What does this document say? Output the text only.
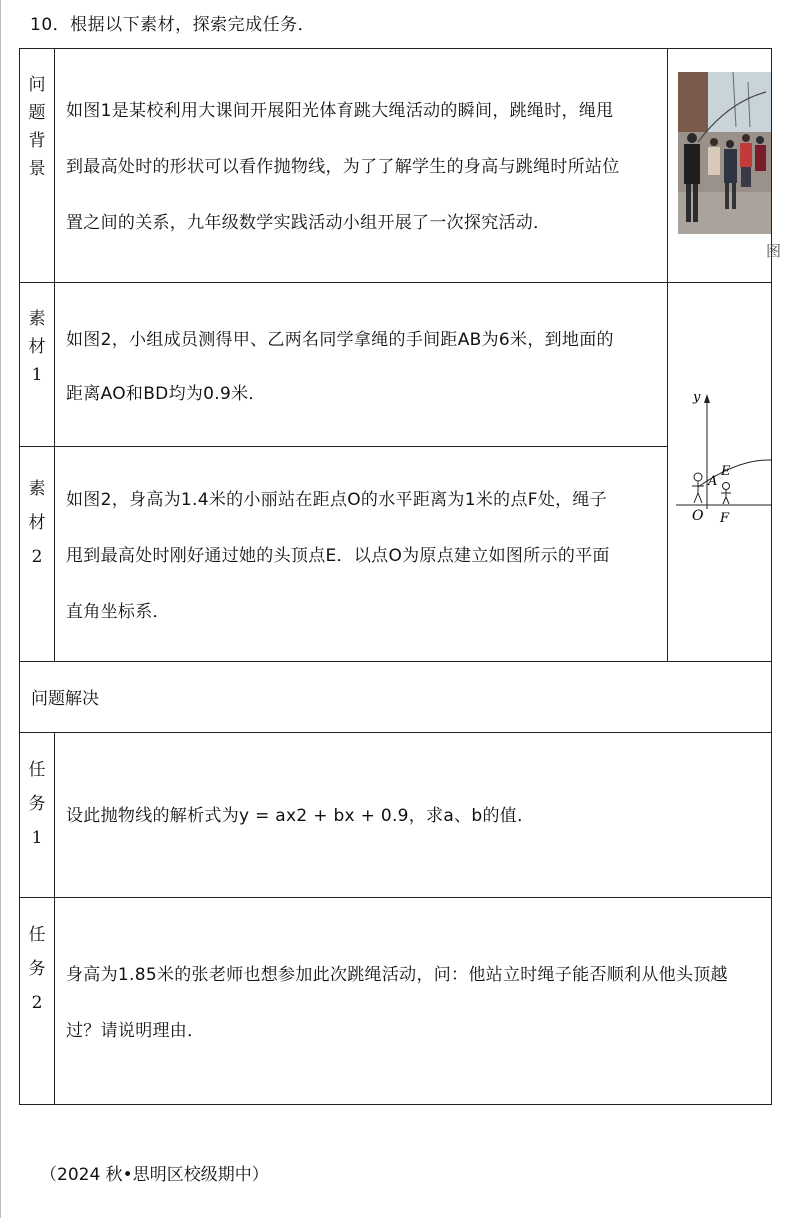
10．根据以下素材，探索完成任务．
问
题
背
景
如图1是某校利用大课间开展阳光体育跳大绳活动的瞬间，跳绳时，绳甩
到最高处时的形状可以看作抛物线，为了了解学生的身高与跳绳时所站位
置之间的关系，九年级数学实践活动小组开展了一次探究活动．
图
素
材
1
如图2，小组成员测得甲、乙两名同学拿绳的手间距AB为6米，到地面的
距离AO和BD均为0.9米．
素
材
2
如图2，身高为1.4米的小丽站在距点O的水平距离为1米的点F处，绳子
甩到最高处时刚好通过她的头顶点E．以点O为原点建立如图所示的平面
直角坐标系．
y
A
E
O F
问题解决
任
务
1
设此抛物线的解析式为y = ax2 + bx + 0.9，求a、b的值．
任
务
2
身高为1.85米的张老师也想参加此次跳绳活动，问：他站立时绳子能否顺利从他头顶越
过？请说明理由．
（2024 秋•思明区校级期中）
